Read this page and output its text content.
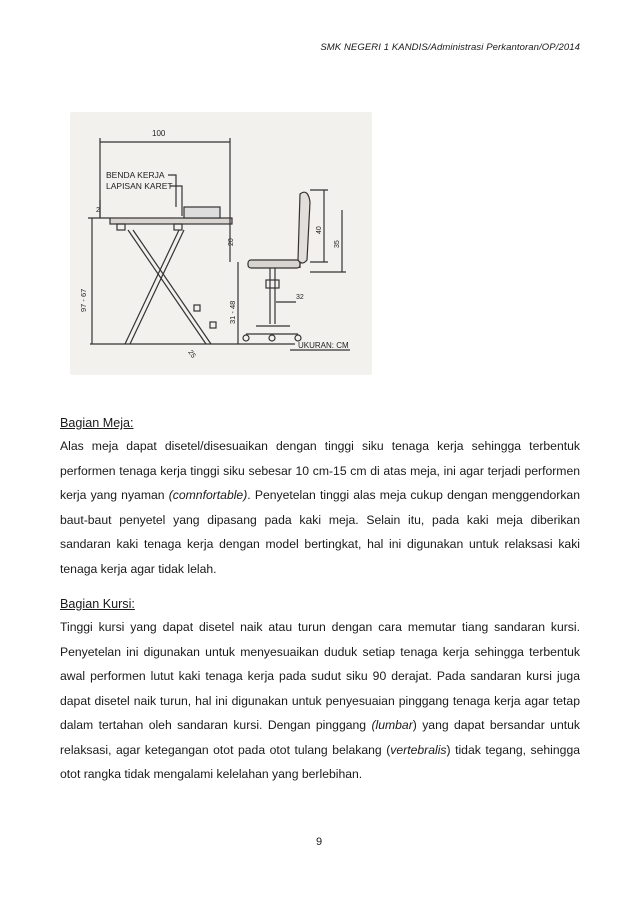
SMK NEGERI 1 KANDIS/Administrasi Perkantoran/OP/2014
100
BENDA KERJA
LAPISAN KARET
2
97 - 67
20
31 - 48
40
35
32
25
UKURAN: CM
Bagian Meja:

Alas meja dapat disetel/disesuaikan dengan tinggi siku tenaga kerja sehingga terbentuk performen tenaga kerja tinggi siku sebesar 10 cm-15 cm di atas meja, ini agar terjadi performen kerja yang nyaman (comnfortable). Penyetelan tinggi alas meja cukup dengan menggendorkan baut-baut penyetel yang dipasang pada kaki meja. Selain itu, pada kaki meja diberikan sandaran kaki tenaga kerja dengan model bertingkat, hal ini digunakan untuk relaksasi kaki tenaga kerja agar tidak lelah.

Bagian Kursi:

Tinggi kursi yang dapat disetel naik atau turun dengan cara memutar tiang sandaran kursi. Penyetelan ini digunakan untuk menyesuaikan duduk setiap tenaga kerja sehingga terbentuk awal performen lutut kaki tenaga kerja pada sudut siku 90 derajat. Pada sandaran kursi juga dapat disetel naik turun, hal ini digunakan untuk penyesuaian pinggang tenaga kerja agar tetap dalam tertahan oleh sandaran kursi. Dengan pinggang (lumbar) yang dapat bersandar untuk relaksasi, agar ketegangan otot pada otot tulang belakang (vertebralis) tidak tegang, sehingga otot rangka tidak mengalami kelelahan yang berlebihan.

9
